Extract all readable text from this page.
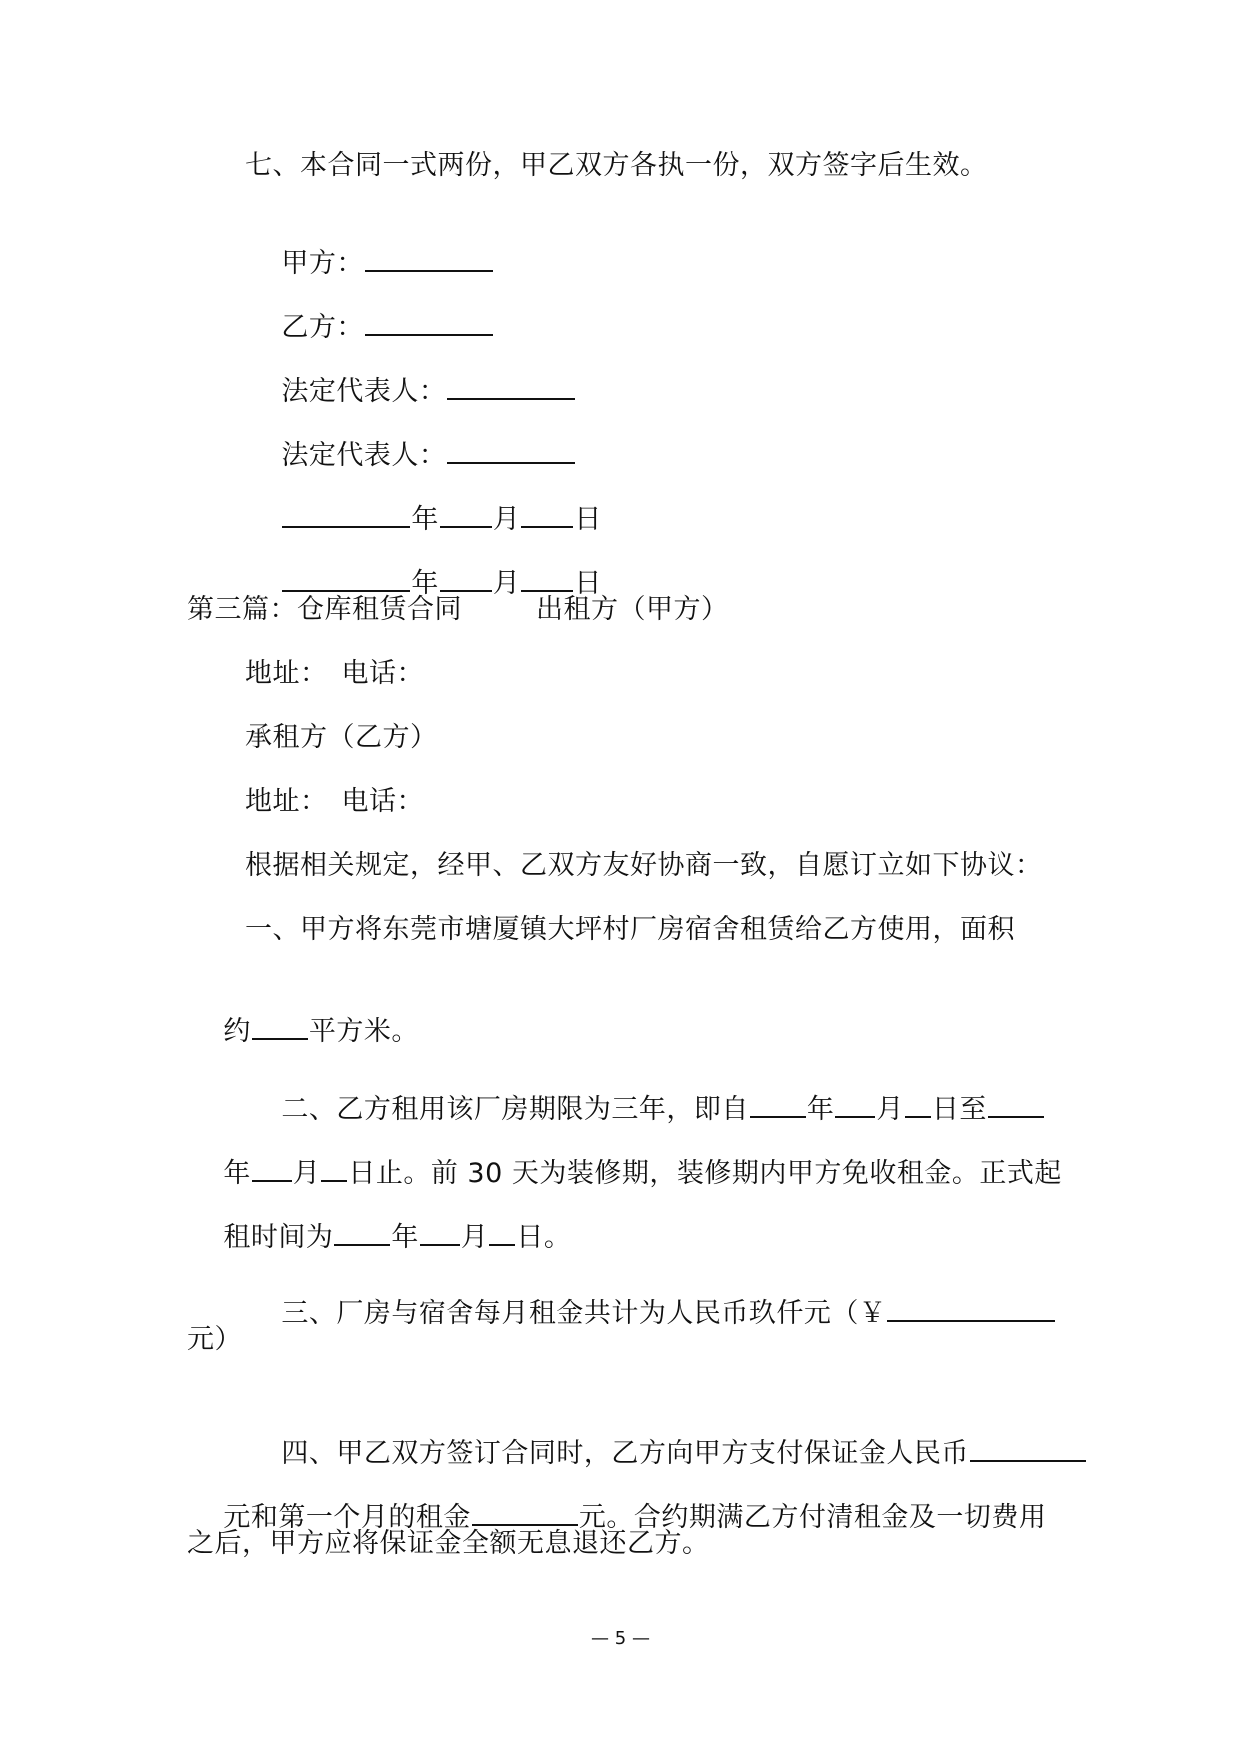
七、本合同一式两份，甲乙双方各执一份，双方签字后生效。

甲方：

乙方：

法定代表人：

法定代表人：

年 月 日

年 月 日

第三篇：仓库租赁合同	出租方（甲方）
地址：　电话：
承租方（乙方）
地址：　电话：
根据相关规定，经甲、乙双方友好协商一致，自愿订立如下协议：
一、甲方将东莞市塘厦镇大坪村厂房宿舍租赁给乙方使用，面积

约 平方米。

二、乙方租用该厂房期限为三年，即自 年 月 日至

年 月 日止。前 30 天为装修期，装修期内甲方免收租金。正式起

租时间为 年 月 日。

三、厂房与宿舍每月租金共计为人民币玖仟元（￥

元）

四、甲乙双方签订合同时，乙方向甲方支付保证金人民币

元和第一个月的租金	元。合约期满乙方付清租金及一切费用

之后，甲方应将保证金全额无息退还乙方。
— 5 —
